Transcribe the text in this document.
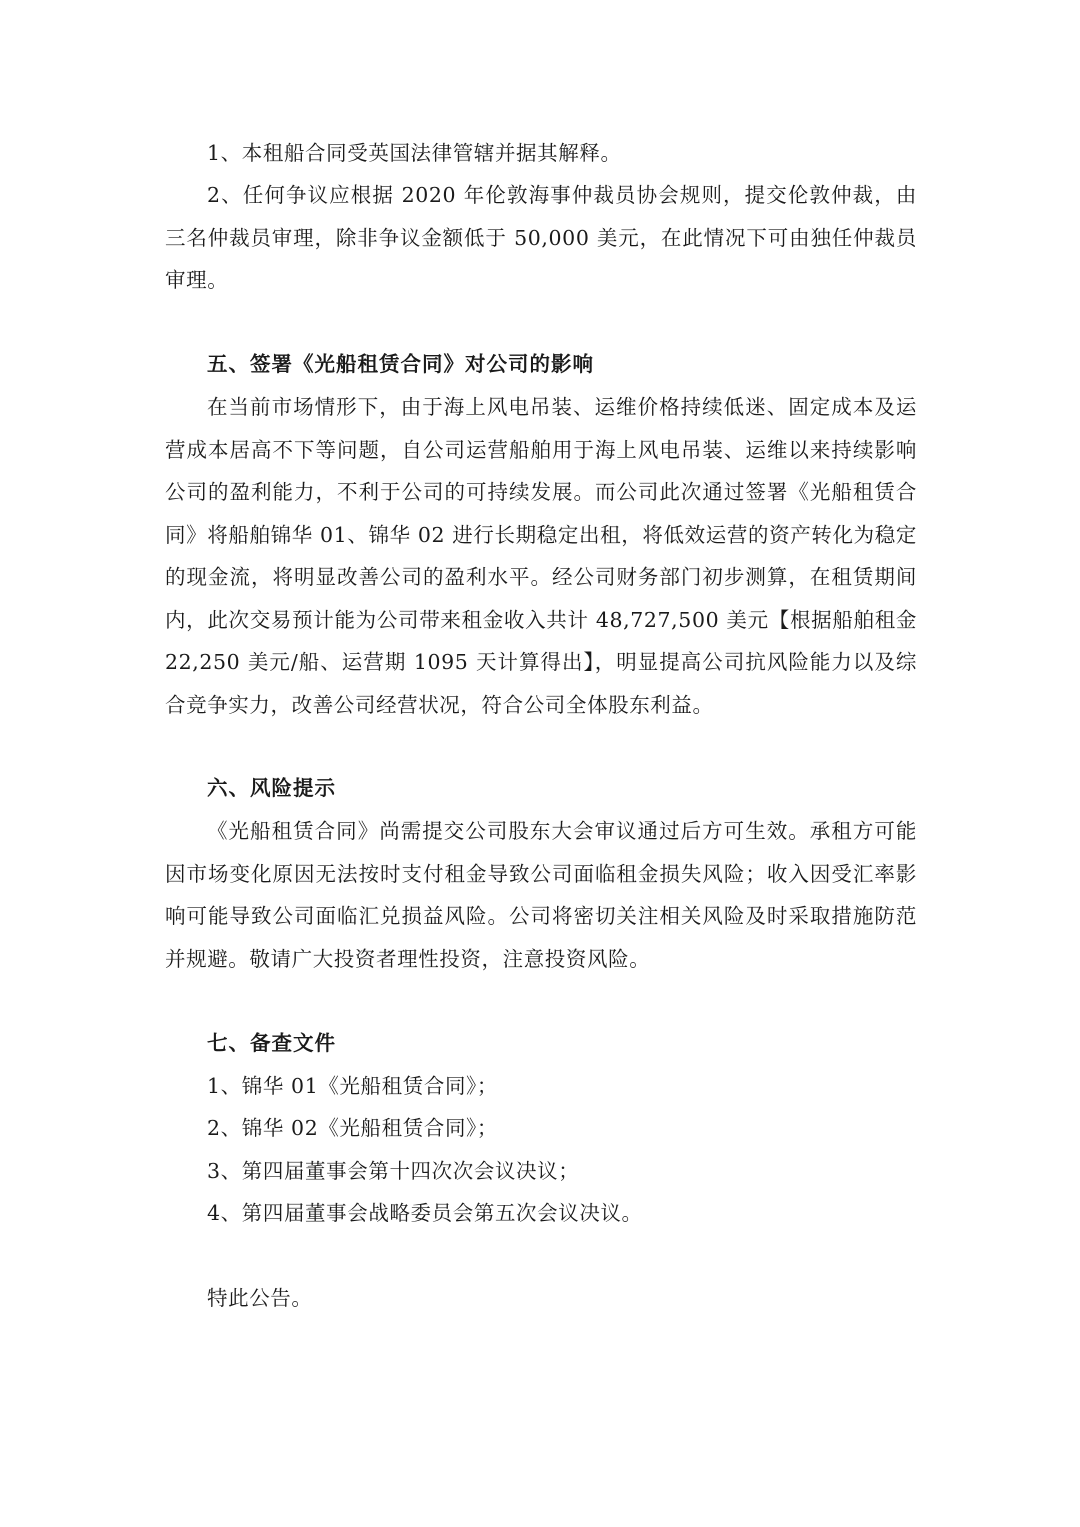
1、本租船合同受英国法律管辖并据其解释。
2、任何争议应根据 2020 年伦敦海事仲裁员协会规则，提交伦敦仲裁，由三名仲裁员审理，除非争议金额低于 50,000 美元，在此情况下可由独任仲裁员审理。
五、签署《光船租赁合同》对公司的影响
在当前市场情形下，由于海上风电吊装、运维价格持续低迷、固定成本及运营成本居高不下等问题，自公司运营船舶用于海上风电吊装、运维以来持续影响公司的盈利能力，不利于公司的可持续发展。而公司此次通过签署《光船租赁合同》将船舶锦华 01、锦华 02 进行长期稳定出租，将低效运营的资产转化为稳定的现金流，将明显改善公司的盈利水平。经公司财务部门初步测算，在租赁期间内，此次交易预计能为公司带来租金收入共计 48,727,500 美元【根据船舶租金 22,250 美元/船、运营期 1095 天计算得出】，明显提高公司抗风险能力以及综合竞争实力，改善公司经营状况，符合公司全体股东利益。
六、风险提示
《光船租赁合同》尚需提交公司股东大会审议通过后方可生效。承租方可能因市场变化原因无法按时支付租金导致公司面临租金损失风险；收入因受汇率影响可能导致公司面临汇兑损益风险。公司将密切关注相关风险及时采取措施防范并规避。敬请广大投资者理性投资，注意投资风险。
七、备查文件
1、锦华 01《光船租赁合同》；
2、锦华 02《光船租赁合同》；
3、第四届董事会第十四次次会议决议；
4、第四届董事会战略委员会第五次会议决议。
特此公告。
